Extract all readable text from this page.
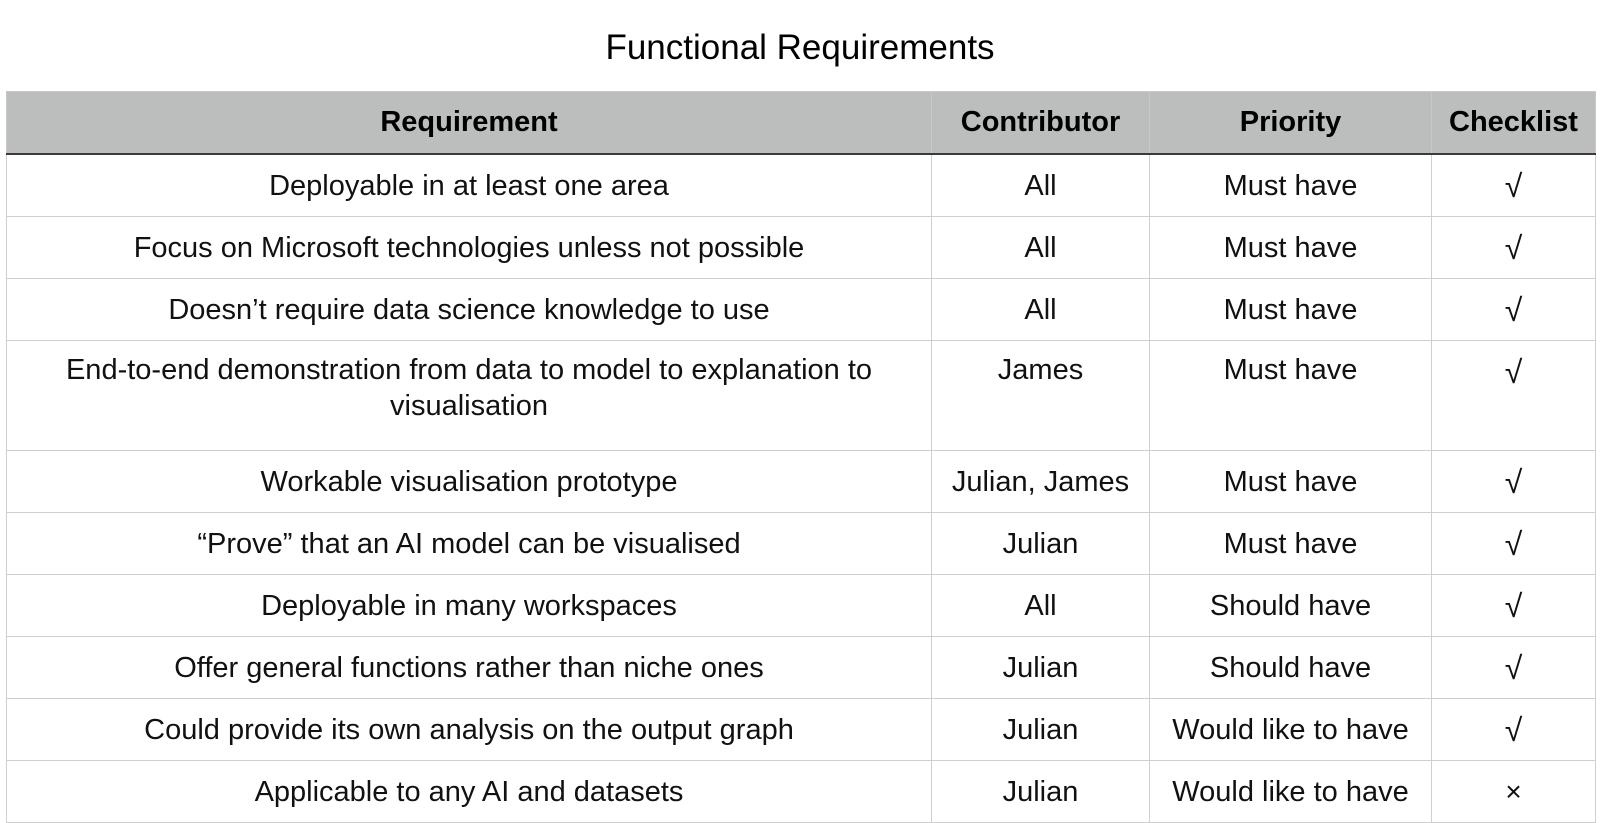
Functional Requirements
Requirement	Contributor	Priority	Checklist
Deployable in at least one area	All	Must have	√
Focus on Microsoft technologies unless not possible	All	Must have	√
Doesn’t require data science knowledge to use	All	Must have	√
End-to-end demonstration from data to model to explanation to visualisation	James	Must have	√
Workable visualisation prototype	Julian, James	Must have	√
“Prove” that an AI model can be visualised	Julian	Must have	√
Deployable in many workspaces	All	Should have	√
Offer general functions rather than niche ones	Julian	Should have	√
Could provide its own analysis on the output graph	Julian	Would like to have	√
Applicable to any AI and datasets	Julian	Would like to have	×
